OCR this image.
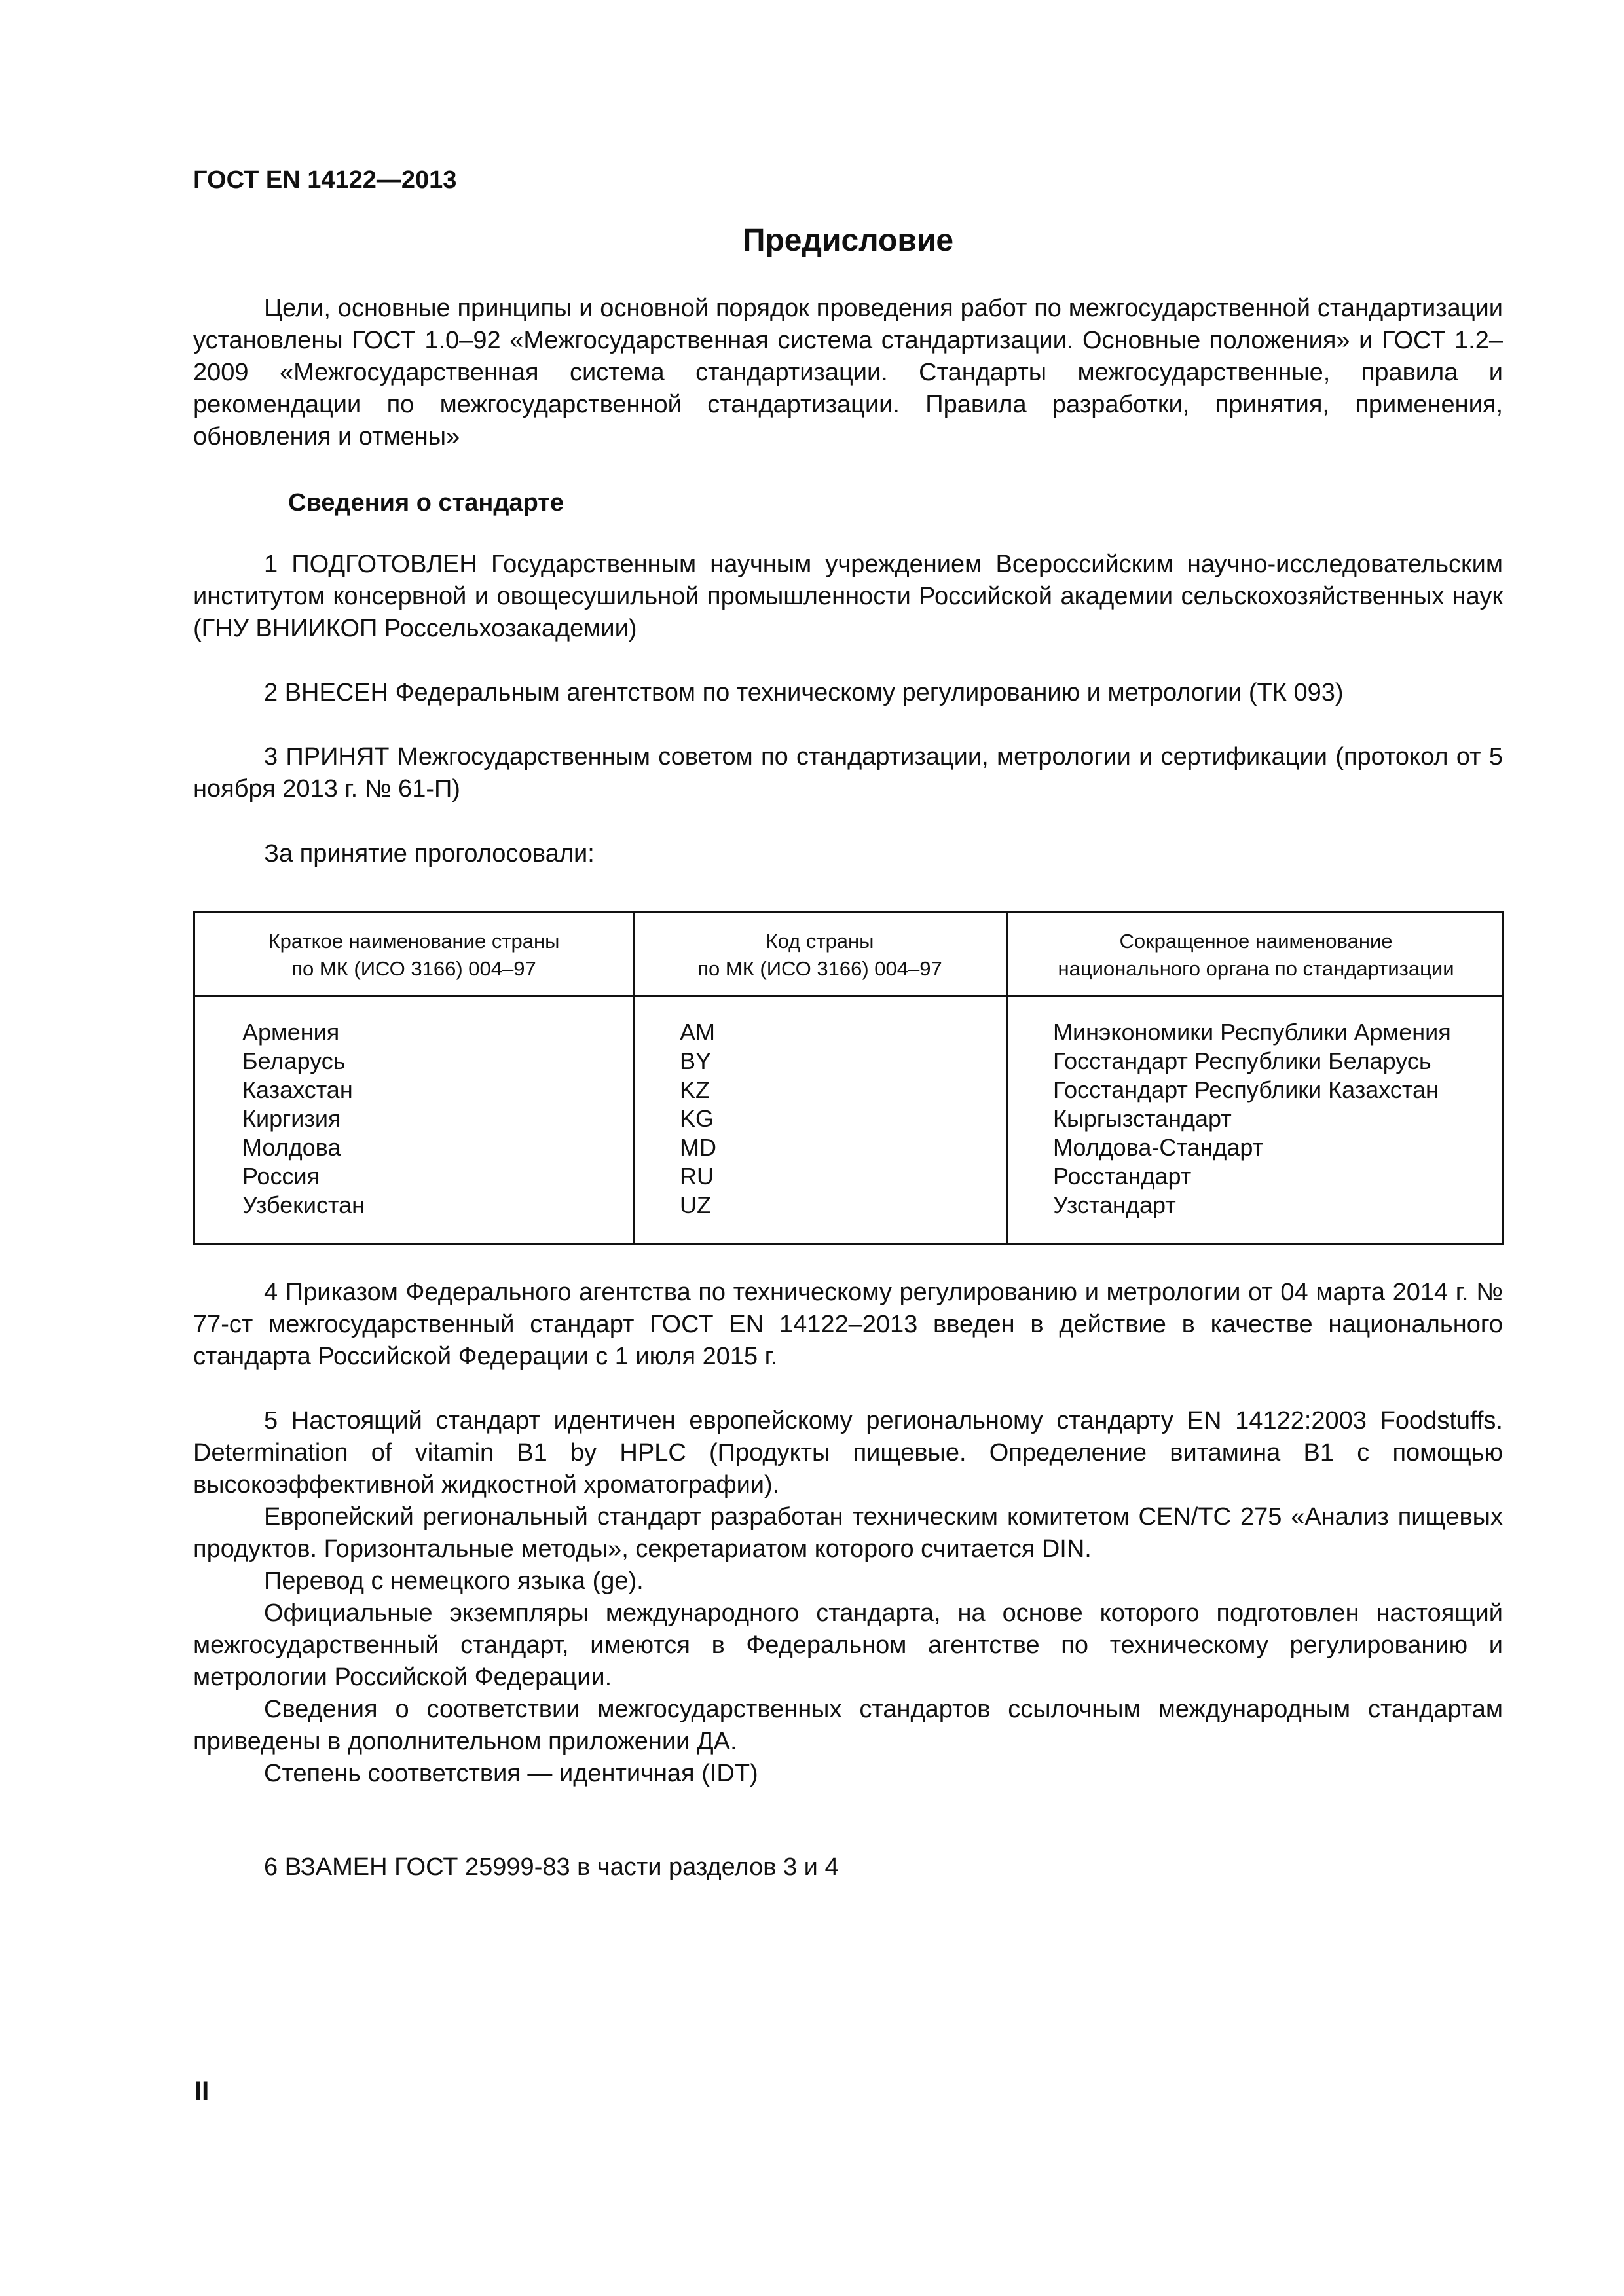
ГОСТ EN 14122—2013
Предисловие
Цели, основные принципы и основной порядок проведения работ по межгосударственной стандартизации установлены ГОСТ 1.0–92 «Межгосударственная система стандартизации. Основные положения» и ГОСТ 1.2–2009 «Межгосударственная система стандартизации. Стандарты межгосударственные, правила и рекомендации по межгосударственной стандартизации. Правила разработки, принятия, применения, обновления и отмены»
Сведения о стандарте
1 ПОДГОТОВЛЕН Государственным научным учреждением Всероссийским научно-исследовательским институтом консервной и овощесушильной промышленности Российской академии сельскохозяйственных наук (ГНУ ВНИИКОП Россельхозакадемии)
2 ВНЕСЕН Федеральным агентством по техническому регулированию и метрологии (ТК 093)
3 ПРИНЯТ Межгосударственным советом по стандартизации, метрологии и сертификации (протокол от 5 ноября 2013 г. № 61-П)
За принятие проголосовали:
Краткое наименование страны
по МК (ИСО 3166) 004–97
Код страны
по МК (ИСО 3166) 004–97
Сокращенное наименование
национального органа по стандартизации
Армения
Беларусь
Казахстан
Киргизия
Молдова
Россия
Узбекистан
AM
BY
KZ
KG
MD
RU
UZ
Минэкономики Республики Армения
Госстандарт Республики Беларусь
Госстандарт Республики Казахстан
Кыргызстандарт
Молдова-Стандарт
Росстандарт
Узстандарт
4 Приказом Федерального агентства по техническому регулированию и метрологии от 04 марта 2014 г. № 77-ст межгосударственный стандарт ГОСТ EN 14122–2013 введен в действие в качестве национального стандарта Российской Федерации с 1 июля 2015 г.

5 Настоящий стандарт идентичен европейскому региональному стандарту EN 14122:2003 Foodstuffs. Determination of vitamin B1 by HPLC (Продукты пищевые. Определение витамина B1 с помощью высокоэффективной жидкостной хроматографии).

Европейский региональный стандарт разработан техническим комитетом CEN/TC 275 «Анализ пищевых продуктов. Горизонтальные методы», секретариатом которого считается DIN.

Перевод с немецкого языка (ge).

Официальные экземпляры международного стандарта, на основе которого подготовлен настоящий межгосударственный стандарт, имеются в Федеральном агентстве по техническому регулированию и метрологии Российской Федерации.

Сведения о соответствии межгосударственных стандартов ссылочным международным стандартам приведены в дополнительном приложении ДА.

Степень соответствия — идентичная (IDT)

6 ВЗАМЕН ГОСТ 25999-83 в части разделов 3 и 4
II
